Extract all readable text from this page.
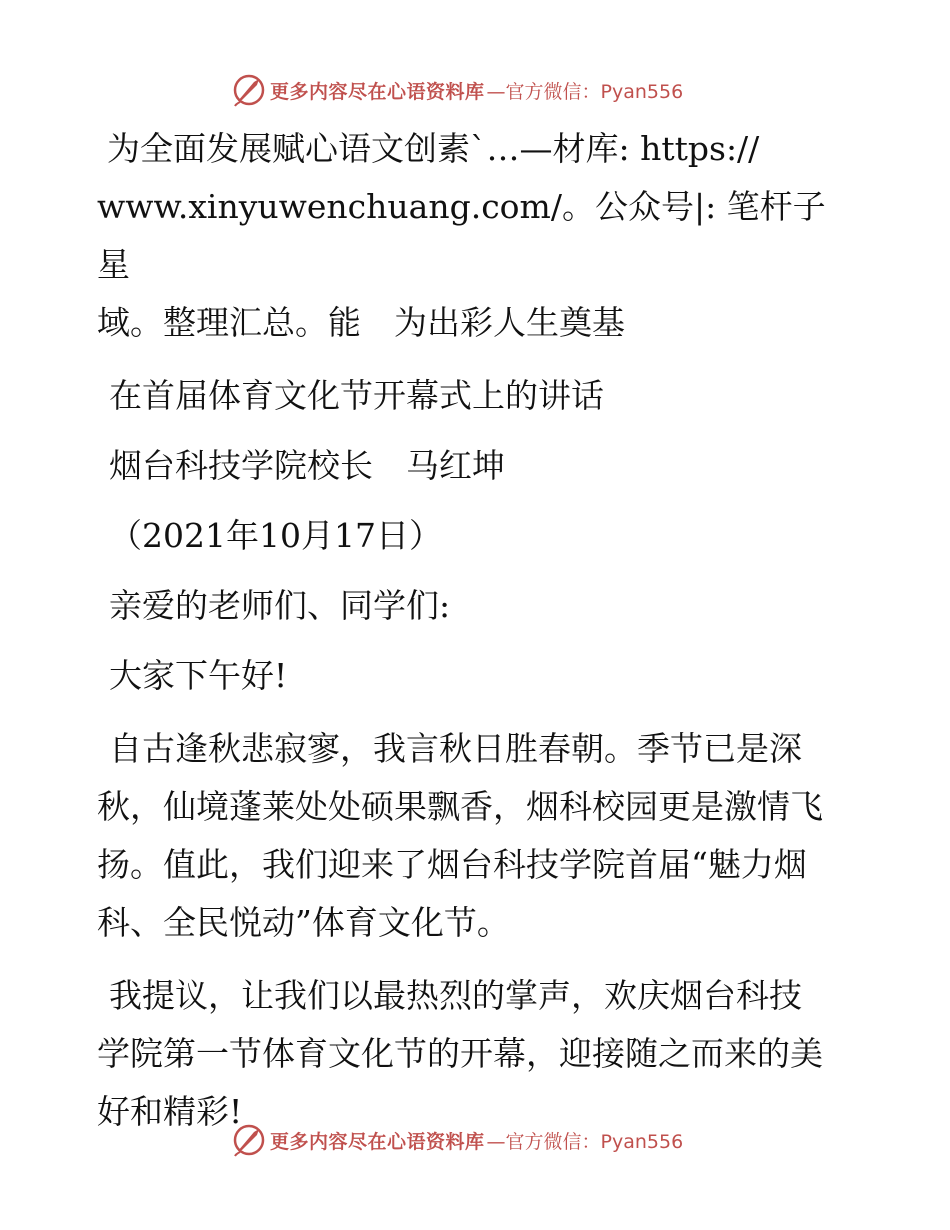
更多内容尽在心语资料库 —官方微信：Pyan556

为全面发展赋心语文创素`…—材库: https://

www.xinyuwenchuang.com/。公众号|: 笔杆子星

域。整理汇总。能　为出彩人生奠基

在首届体育文化节开幕式上的讲话

烟台科技学院校长　马红坤

（2021年10月17日）

亲爱的老师们、同学们:

大家下午好!

自古逢秋悲寂寥，我言秋日胜春朝。季节已是深

秋，仙境蓬莱处处硕果飘香，烟科校园更是激情飞

扬。值此，我们迎来了烟台科技学院首届“魅力烟

科、全民悦动”体育文化节。

我提议，让我们以最热烈的掌声，欢庆烟台科技

学院第一节体育文化节的开幕，迎接随之而来的美

好和精彩!

更多内容尽在心语资料库 —官方微信：Pyan556
